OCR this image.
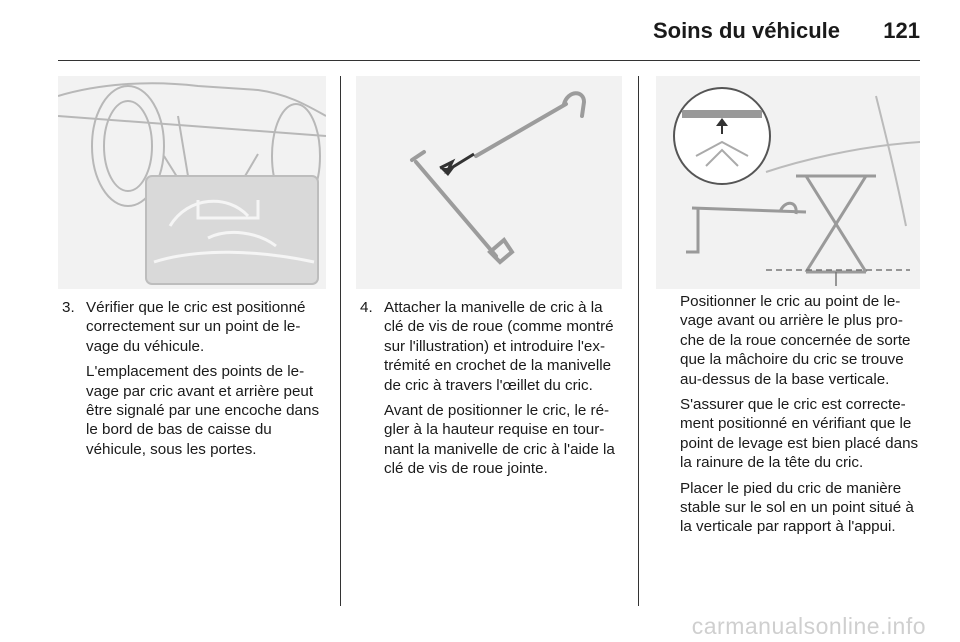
Soins du véhicule	121
3. Vérifier que le cric est positionné correctement sur un point de le-vage du véhicule.
L'emplacement des points de le-vage par cric avant et arrière peut être signalé par une encoche dans le bord de bas de caisse du véhicule, sous les portes.
4. Attacher la manivelle de cric à la clé de vis de roue (comme montré sur l'illustration) et introduire l'ex-trémité en crochet de la manivelle de cric à travers l'œillet du cric.
Avant de positionner le cric, le ré-gler à la hauteur requise en tour-nant la manivelle de cric à l'aide la clé de vis de roue jointe.
Positionner le cric au point de le-vage avant ou arrière le plus pro-che de la roue concernée de sorte que la mâchoire du cric se trouve au-dessus de la base verticale.
S'assurer que le cric est correcte-ment positionné en vérifiant que le point de levage est bien placé dans la rainure de la tête du cric.
Placer le pied du cric de manière stable sur le sol en un point situé à la verticale par rapport à l'appui.
carmanualsonline.info
